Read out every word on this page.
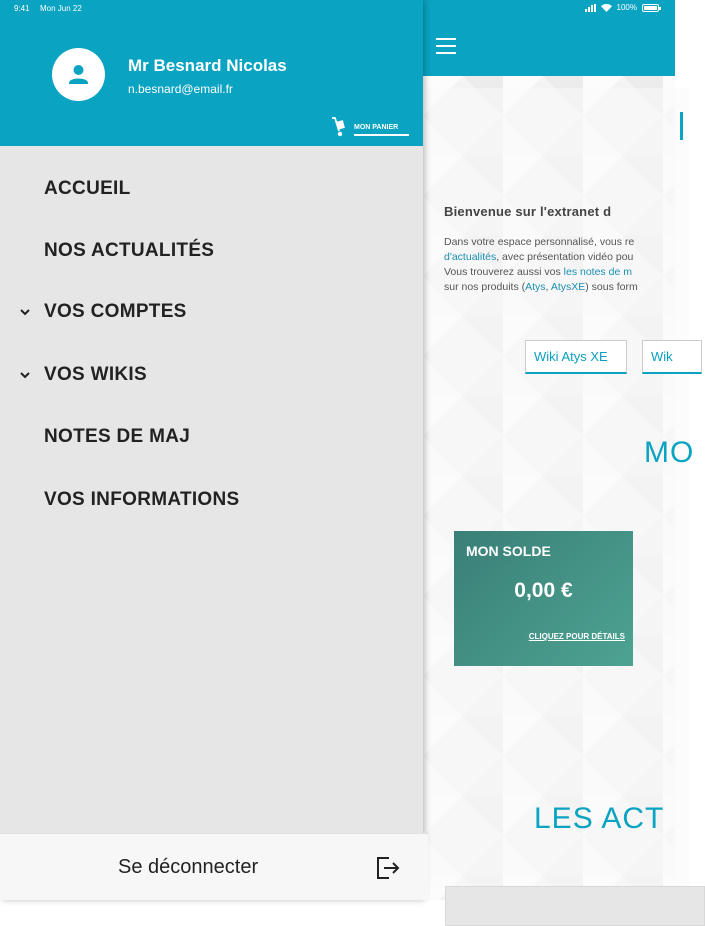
Bienvenue sur l'extranet d
Dans votre espace personnalisé, vous re
d'actualités, avec présentation vidéo pou
Vous trouverez aussi vos les notes de m
sur nos produits (Atys, AtysXE) sous form
Wiki Atys XE	Wik
MO
MON SOLDE
0,00 €
CLIQUEZ POUR DÉTAILS
LES ACT
9:41 Mon Jun 22	100%
Mr Besnard Nicolas
n.besnard@email.fr
MON PANIER
ACCUEIL
NOS ACTUALITÉS
VOS COMPTES
VOS WIKIS
NOTES DE MAJ
VOS INFORMATIONS
Se déconnecter
